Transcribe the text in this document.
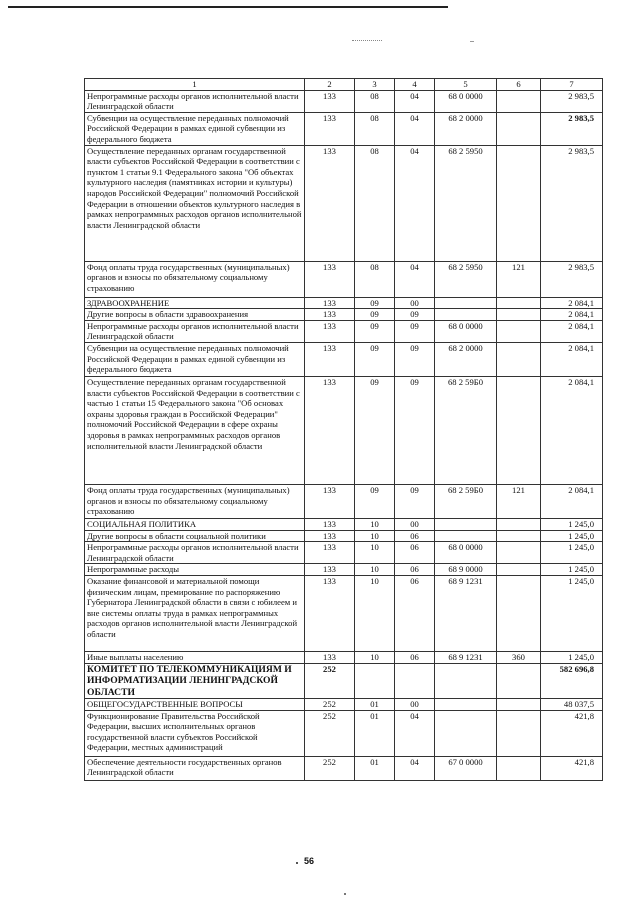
1	2	3	4	5	6	7
Непрограммные расходы органов исполнительной власти Ленинградской области	133	08	04	68 0 0000		2 983,5
Субвенции на осуществление переданных полномочий Российской Федерации в рамках единой субвенции из федерального бюджета	133	08	04	68 2 0000		2 983,5
Осуществление переданных органам государственной власти субъектов Российской Федерации в соответствии с пунктом 1 статьи 9.1 Федерального закона "Об объектах культурного наследия (памятниках истории и культуры) народов Российской Федерации" полномочий Российской Федерации в отношении объектов культурного наследия в рамках непрограммных расходов органов исполнительной власти Ленинградской области	133	08	04	68 2 5950		2 983,5
Фонд оплаты труда государственных (муниципальных) органов и взносы по обязательному социальному страхованию	133	08	04	68 2 5950	121	2 983,5
ЗДРАВООХРАНЕНИЕ	133	09	00			2 084,1
Другие вопросы в области здравоохранения	133	09	09			2 084,1
Непрограммные расходы органов исполнительной власти Ленинградской области	133	09	09	68 0 0000		2 084,1
Субвенции на осуществление переданных полномочий Российской Федерации в рамках единой субвенции из федерального бюджета	133	09	09	68 2 0000		2 084,1
Осуществление переданных органам государственной власти субъектов Российской Федерации в соответствии с частью 1 статьи 15 Федерального закона "Об основах охраны здоровья граждан в Российской Федерации" полномочий Российской Федерации в сфере охраны здоровья в рамках непрограммных расходов органов исполнительной власти Ленинградской области	133	09	09	68 2 59Б0		2 084,1
Фонд оплаты труда государственных (муниципальных) органов и взносы по обязательному социальному страхованию	133	09	09	68 2 59Б0	121	2 084,1
СОЦИАЛЬНАЯ ПОЛИТИКА	133	10	00			1 245,0
Другие вопросы в области социальной политики	133	10	06			1 245,0
Непрограммные расходы органов исполнительной власти Ленинградской области	133	10	06	68 0 0000		1 245,0
Непрограммные расходы	133	10	06	68 9 0000		1 245,0
Оказание финансовой и материальной помощи физическим лицам, премирование по распоряжению Губернатора Ленинградской области в связи с юбилеем и вне системы оплаты труда в рамках непрограммных расходов органов исполнительной власти Ленинградской области	133	10	06	68 9 1231		1 245,0
Иные выплаты населению	133	10	06	68 9 1231	360	1 245,0
КОМИТЕТ ПО ТЕЛЕКОММУНИКАЦИЯМ И ИНФОРМАТИЗАЦИИ ЛЕНИНГРАДСКОЙ ОБЛАСТИ	252					582 696,8
ОБЩЕГОСУДАРСТВЕННЫЕ ВОПРОСЫ	252	01	00			48 037,5
Функционирование Правительства Российской Федерации, высших исполнительных органов государственной власти субъектов Российской Федерации, местных администраций	252	01	04			421,8
Обеспечение деятельности государственных органов Ленинградской области	252	01	04	67 0 0000		421,8
56
